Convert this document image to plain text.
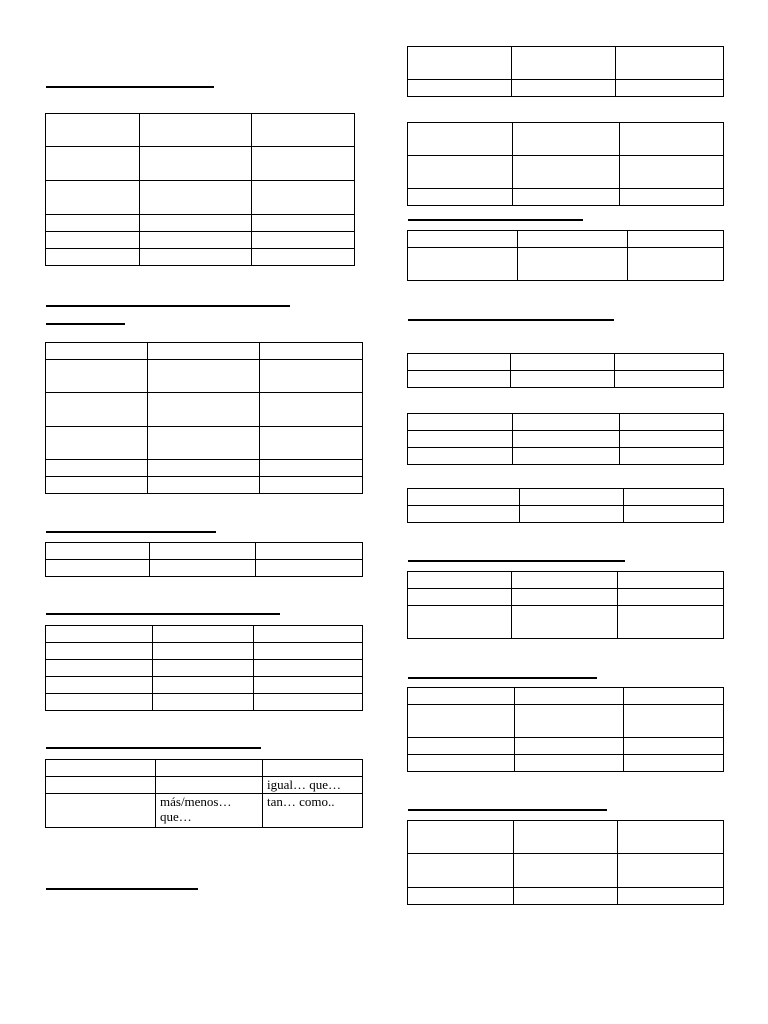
		igual… que…
	más/menos… que…	tan… como..
